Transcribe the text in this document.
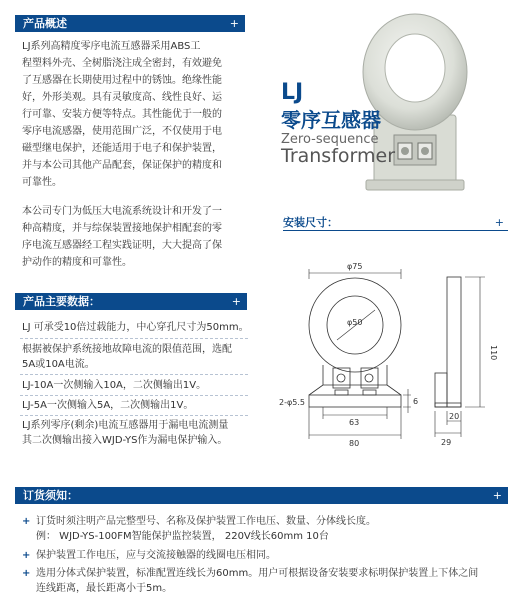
产品概述	+
LJ系列高精度零序电流互感器采用ABS工
程塑料外壳、全树脂浇注成全密封，有效避免
了互感器在长期使用过程中的锈蚀。绝缘性能
好，外形美观。具有灵敏度高、线性良好、运
行可靠、安装方便等特点。其性能优于一般的
零序电流感器，使用范围广泛，不仅使用于电
磁型继电保护，还能适用于电子和保护装置，
并与本公司其他产品配套，保证保护的精度和
可靠性。
本公司专门为低压大电流系统设计和开发了一
种高精度，并与综保装置接地保护相配套的零
序电流互感器经工程实践证明，大大提高了保
护动作的精度和可靠性。
LJ
零序互感器
Zero-sequence
Transformer
安装尺寸：	+
φ75
φ50
110
2-φ5.5	6
63
80
20
29
产品主要数据：	+
LJ 可承受10倍过载能力，中心穿孔尺寸为50mm。
根据被保护系统接地故障电流的限值范围，选配
5A或10A电流。
LJ-10A一次侧输入10A，二次侧输出1V。
LJ-5A一次侧输入5A，二次侧输出1V。
LJ系列零序(剩余)电流互感器用于漏电电流测量
其二次侧输出接入WJD-YS作为漏电保护输入。
订货须知：	+
+ 订货时须注明产品完整型号、名称及保护装置工作电压、数量、分体线长度。
例： WJD-YS-100FM智能保护监控装置， 220V线长60mm 10台
+ 保护装置工作电压，应与交流接触器的线圈电压相同。
+ 选用分体式保护装置，标准配置连线长为60mm。用户可根据设备安装要求标明保护装置上下体之间
连线距离，最长距离小于5m。
